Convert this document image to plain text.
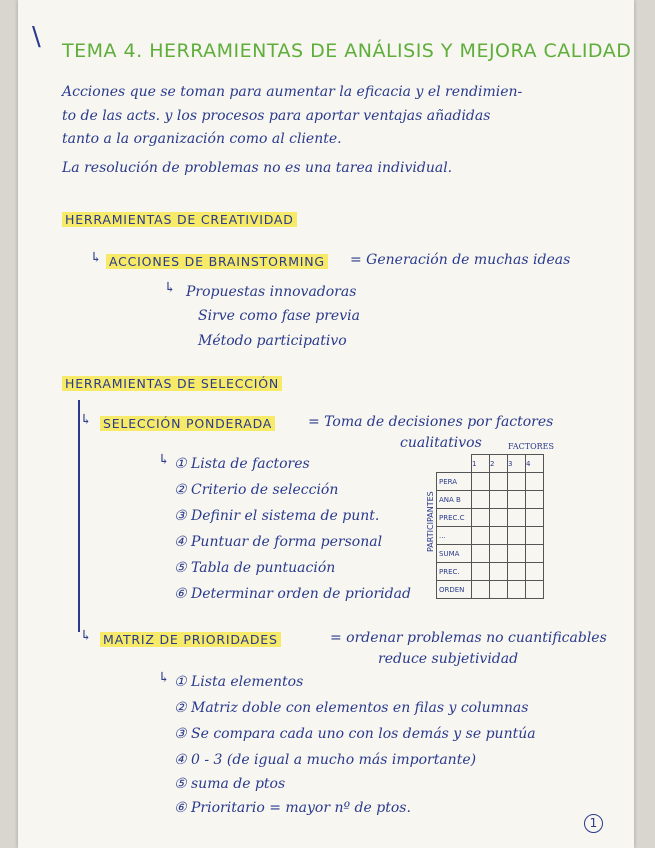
\ TEMA 4. HERRAMIENTAS DE ANÁLISIS Y MEJORA CALIDAD
Acciones que se toman para aumentar la eficacia y el rendimien-
to de las acts. y los procesos para aportar ventajas añadidas
tanto a la organización como al cliente.
La resolución de problemas no es una tarea individual.
HERRAMIENTAS DE CREATIVIDAD
↳ ACCIONES DE BRAINSTORMING = Generación de muchas ideas
↳ Propuestas innovadoras
Sirve como fase previa
Método participativo
HERRAMIENTAS DE SELECCIÓN
↳ SELECCIÓN PONDERADA	= Toma de decisiones por factores
cualitativos
↳ ① Lista de factores
② Criterio de selección
③ Definir el sistema de punt.
④ Puntuar de forma personal
⑤ Tabla de puntuación
⑥ Determinar orden de prioridad
FACTORES
PARTICIPANTES
	1	2	3	4
PERA				
ANA B				
PREC.C				
...				
SUMA				
PREC.				
ORDEN				
↳ MATRIZ DE PRIORIDADES	= ordenar problemas no cuantificables
reduce subjetividad
↳ ① Lista elementos
② Matriz doble con elementos en filas y columnas
③ Se compara cada uno con los demás y se puntúa
④ 0 - 3 (de igual a mucho más importante)
⑤ suma de ptos
⑥ Prioritario = mayor nº de ptos.
1
